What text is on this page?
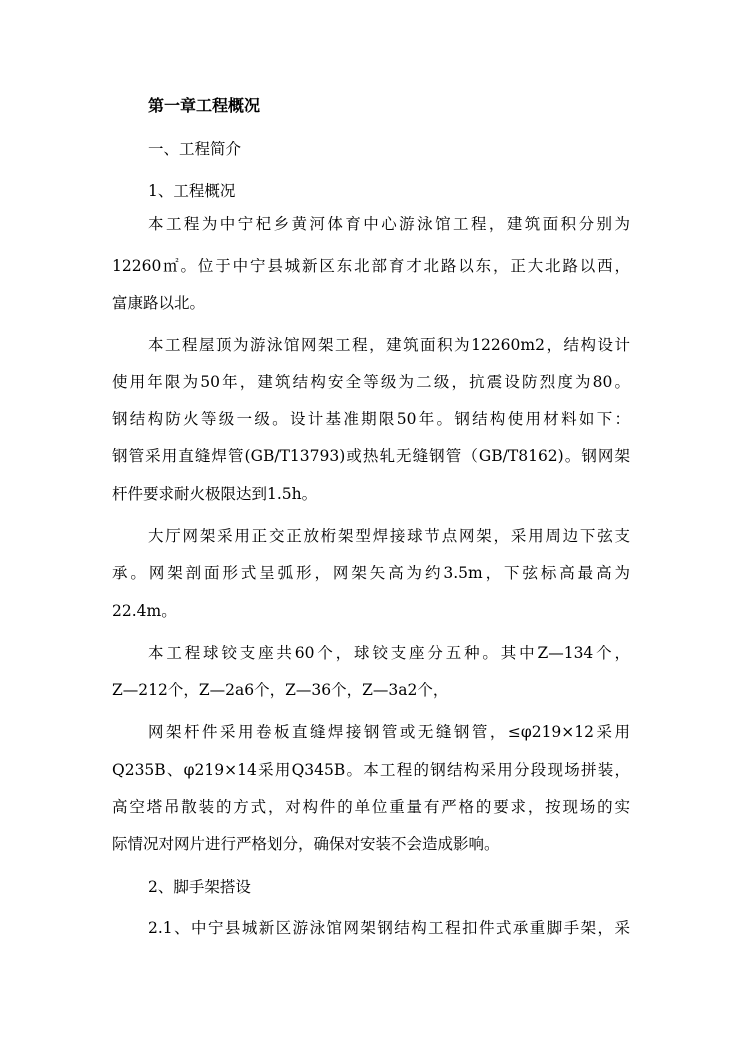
第一章工程概况
一、工程简介
1、工程概况
本工程为中宁杞乡黄河体育中心游泳馆工程，建筑面积分别为
12260㎡。位于中宁县城新区东北部育才北路以东，正大北路以西，
富康路以北。
本工程屋顶为游泳馆网架工程，建筑面积为12260m2，结构设计
使用年限为50年，建筑结构安全等级为二级，抗震设防烈度为80。
钢结构防火等级一级。设计基准期限50年。钢结构使用材料如下：
钢管采用直缝焊管(GB/T13793)或热轧无缝钢管（GB/T8162)。钢网架
杆件要求耐火极限达到1.5h。
大厅网架采用正交正放桁架型焊接球节点网架，采用周边下弦支
承。网架剖面形式呈弧形，网架矢高为约3.5m，下弦标高最高为
22.4m。
本工程球铰支座共60个，球铰支座分五种。其中Z—134个，
Z—212个，Z—2a6个，Z—36个，Z—3a2个，
网架杆件采用卷板直缝焊接钢管或无缝钢管，≤φ219×12采用
Q235B、φ219×14采用Q345B。本工程的钢结构采用分段现场拼装，
高空塔吊散装的方式，对构件的单位重量有严格的要求，按现场的实
际情况对网片进行严格划分，确保对安装不会造成影响。
2、脚手架搭设
2.1、中宁县城新区游泳馆网架钢结构工程扣件式承重脚手架，采
